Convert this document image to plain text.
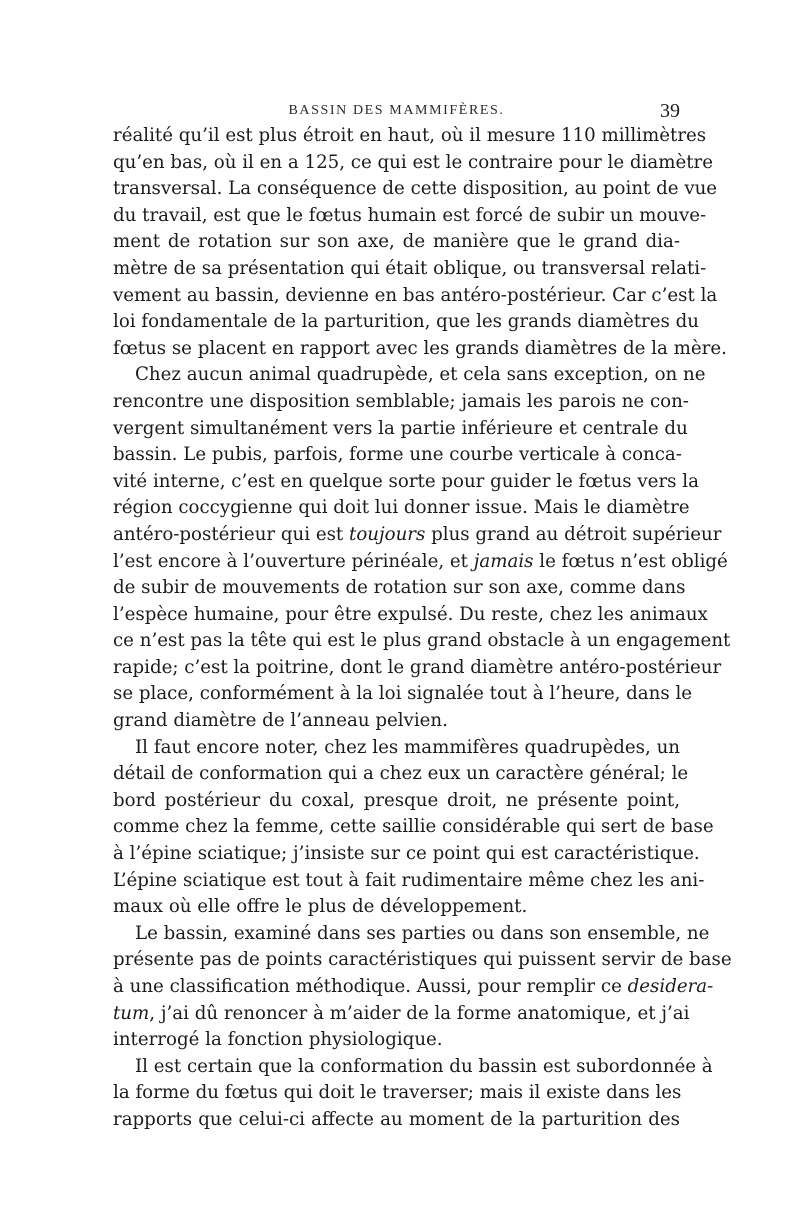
BASSIN DES MAMMIFÈRES.	39
réalité qu’il est plus étroit en haut, où il mesure 110 millimètres
qu’en bas, où il en a 125, ce qui est le contraire pour le diamètre
transversal. La conséquence de cette disposition, au point de vue
du travail, est que le fœtus humain est forcé de subir un mouve-
ment de rotation sur son axe, de manière que le grand dia-
mètre de sa présentation qui était oblique, ou transversal relati-
vement au bassin, devienne en bas antéro-postérieur. Car c’est la
loi fondamentale de la parturition, que les grands diamètres du
fœtus se placent en rapport avec les grands diamètres de la mère.
Chez aucun animal quadrupède, et cela sans exception, on ne
rencontre une disposition semblable; jamais les parois ne con-
vergent simultanément vers la partie inférieure et centrale du
bassin. Le pubis, parfois, forme une courbe verticale à conca-
vité interne, c’est en quelque sorte pour guider le fœtus vers la
région coccygienne qui doit lui donner issue. Mais le diamètre
antéro-postérieur qui est toujours plus grand au détroit supérieur
l’est encore à l’ouverture périnéale, et jamais le fœtus n’est obligé
de subir de mouvements de rotation sur son axe, comme dans
l’espèce humaine, pour être expulsé. Du reste, chez les animaux
ce n’est pas la tête qui est le plus grand obstacle à un engagement
rapide; c’est la poitrine, dont le grand diamètre antéro-postérieur
se place, conformément à la loi signalée tout à l’heure, dans le
grand diamètre de l’anneau pelvien.
Il faut encore noter, chez les mammifères quadrupèdes, un
détail de conformation qui a chez eux un caractère général; le
bord postérieur du coxal, presque droit, ne présente point,
comme chez la femme, cette saillie considérable qui sert de base
à l’épine sciatique; j’insiste sur ce point qui est caractéristique.
L’épine sciatique est tout à fait rudimentaire même chez les ani-
maux où elle offre le plus de développement.
Le bassin, examiné dans ses parties ou dans son ensemble, ne
présente pas de points caractéristiques qui puissent servir de base
à une classification méthodique. Aussi, pour remplir ce desidera-
tum, j’ai dû renoncer à m’aider de la forme anatomique, et j’ai
interrogé la fonction physiologique.
Il est certain que la conformation du bassin est subordonnée à
la forme du fœtus qui doit le traverser; mais il existe dans les
rapports que celui-ci affecte au moment de la parturition des
